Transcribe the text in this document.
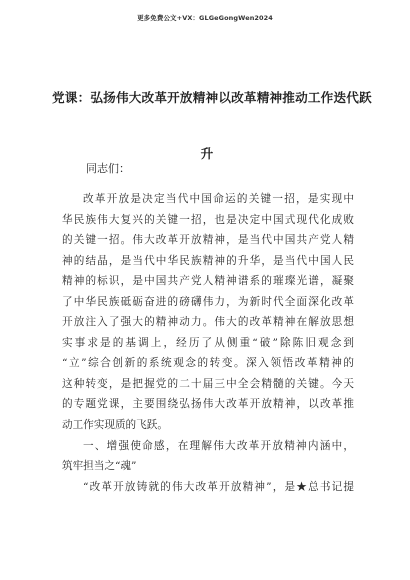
更多免费公文+VX：GLGeGongWen2024
党课：弘扬伟大改革开放精神以改革精神推动工作迭代跃
升
同志们：

改革开放是决定当代中国命运的关键一招，是实现中
华民族伟大复兴的关键一招，也是决定中国式现代化成败
的关键一招。伟大改革开放精神，是当代中国共产党人精
神的结晶，是当代中华民族精神的升华，是当代中国人民
精神的标识，是中国共产党人精神谱系的璀璨光谱，凝聚
了中华民族砥砺奋进的磅礴伟力，为新时代全面深化改革
开放注入了强大的精神动力。伟大的改革精神在解放思想
实事求是的基调上，经历了从侧重“破”除陈旧观念到
“立”综合创新的系统观念的转变。深入领悟改革精神的
这种转变，是把握党的二十届三中全会精髓的关键。今天
的专题党课，主要围绕弘扬伟大改革开放精神，以改革推
动工作实现质的飞跃。

一、增强使命感，在理解伟大改革开放精神内涵中，
筑牢担当之“魂”

“改革开放铸就的伟大改革开放精神”，是★总书记提
